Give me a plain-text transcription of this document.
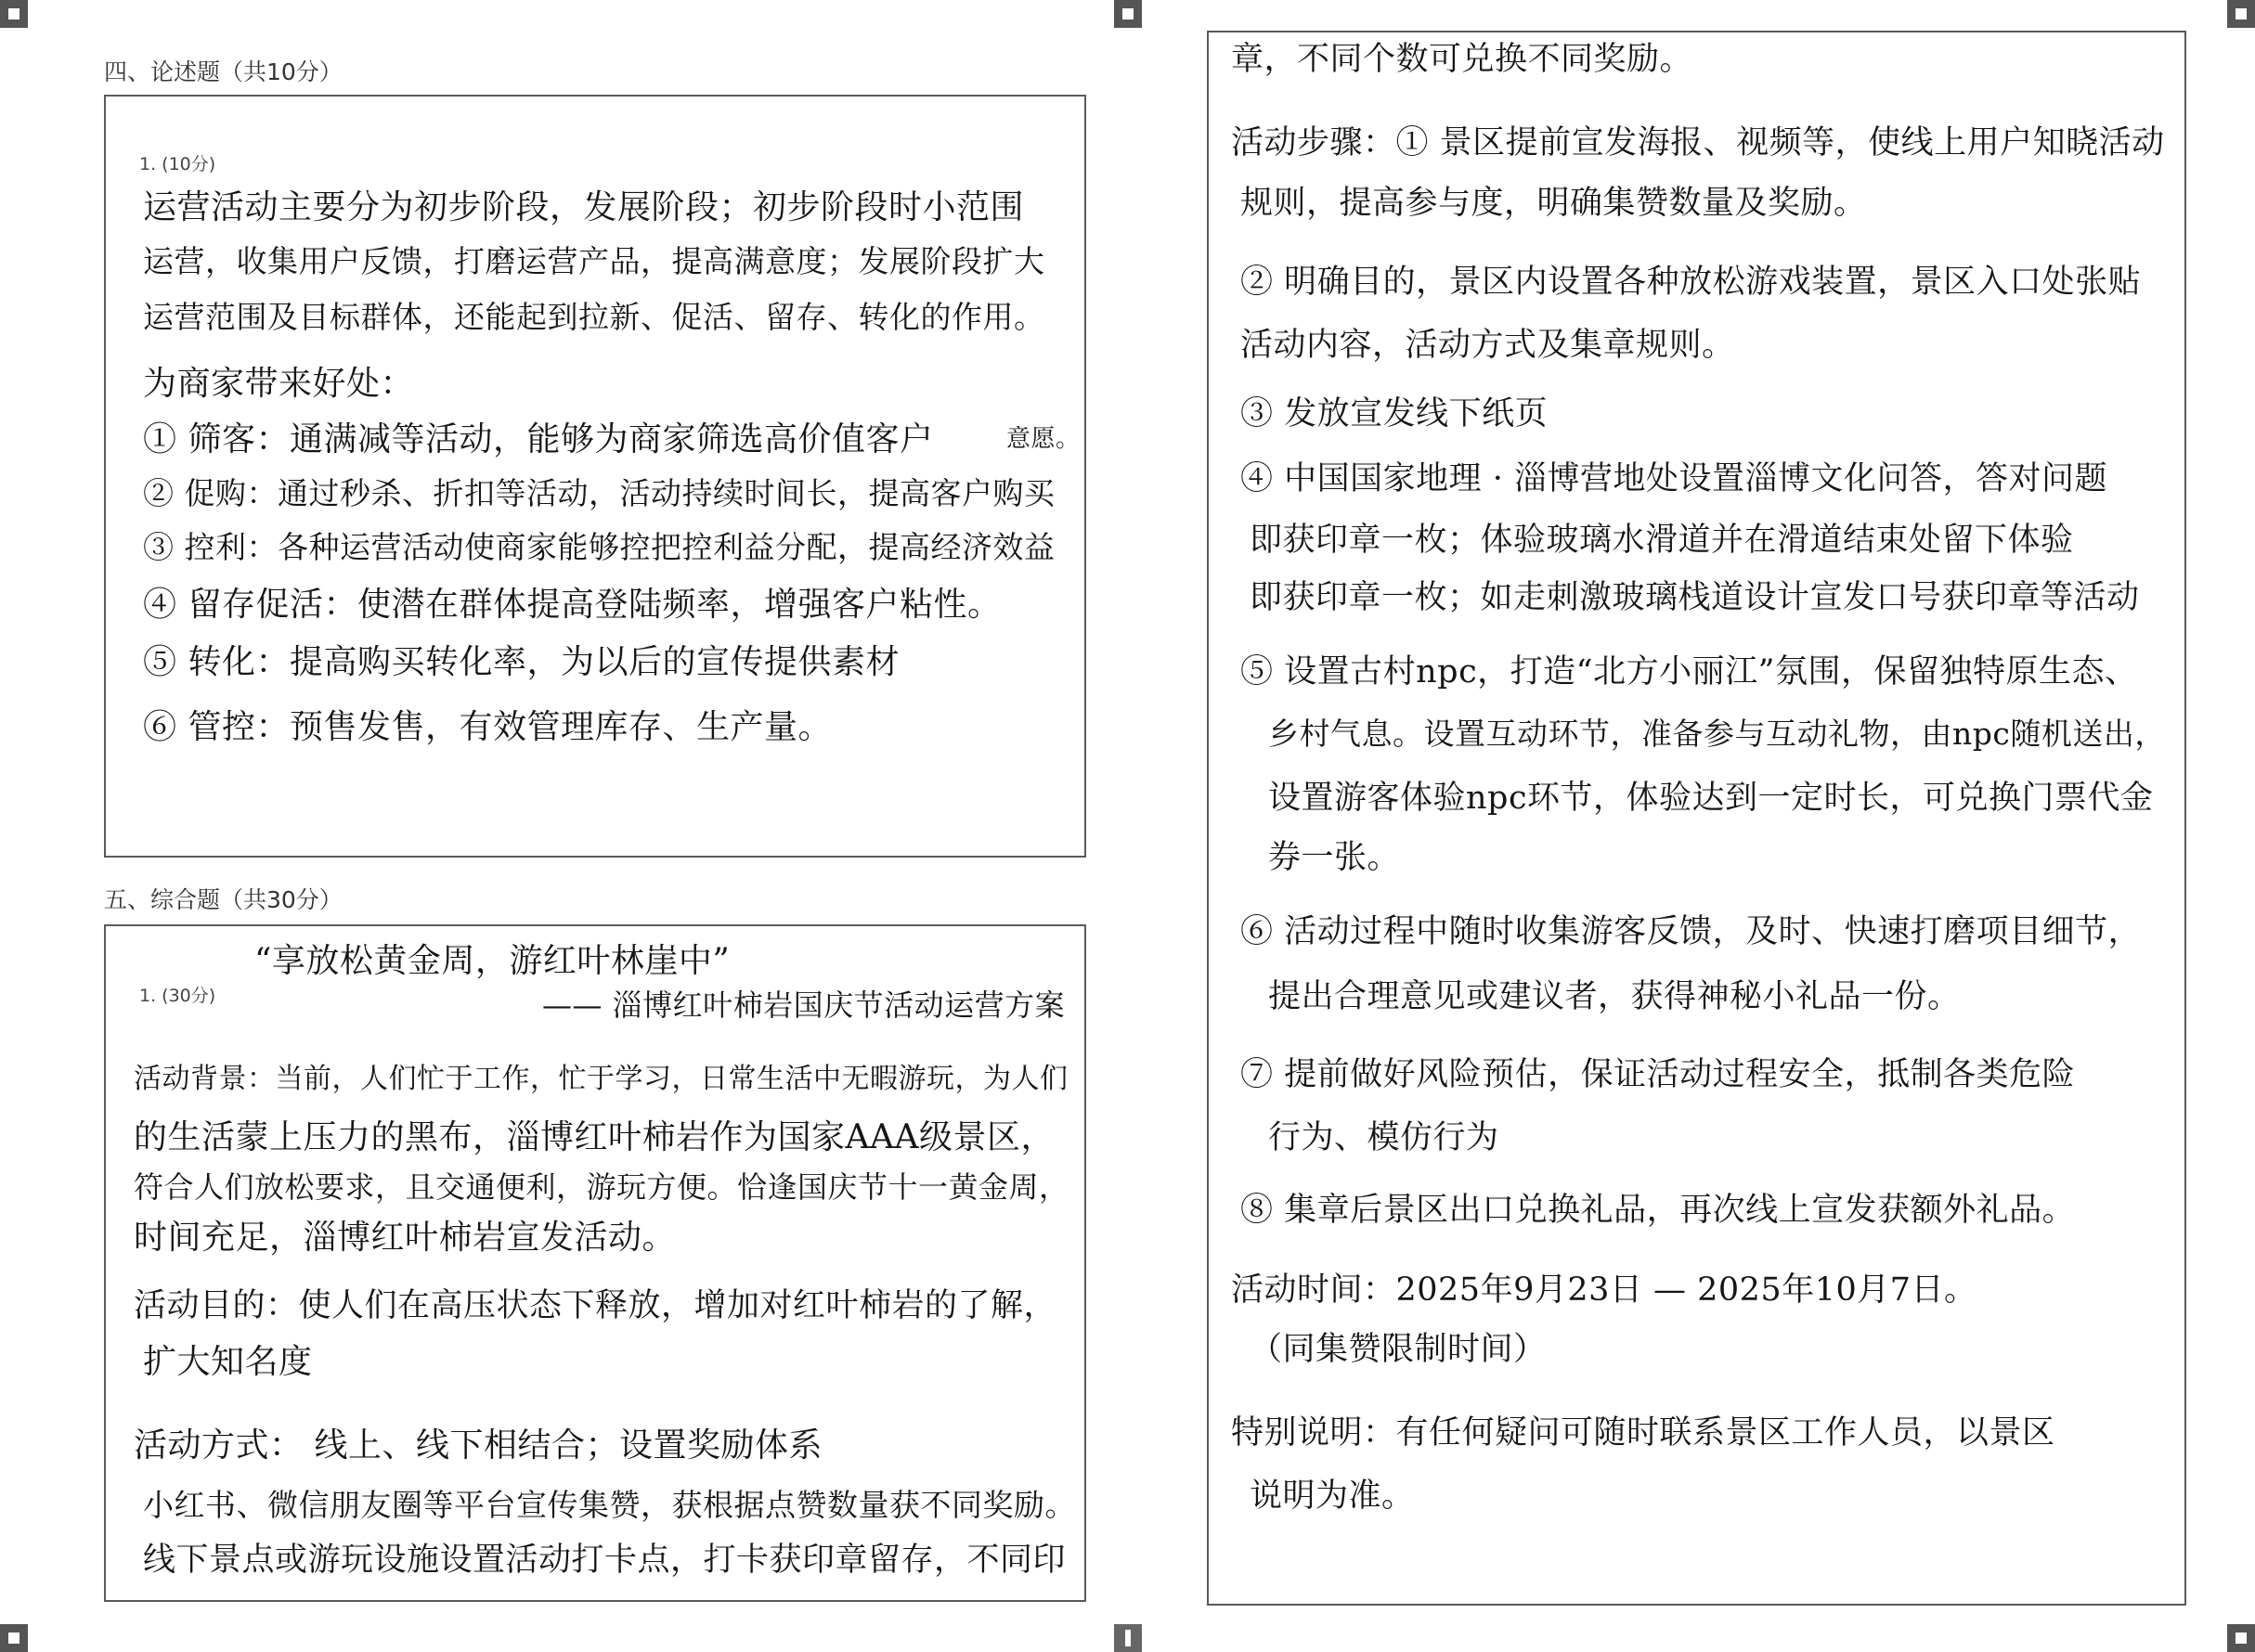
四、论述题（共10分）
1. (10分)
运营活动主要分为初步阶段，发展阶段；初步阶段时小范围
运营，收集用户反馈，打磨运营产品，提高满意度；发展阶段扩大
运营范围及目标群体，还能起到拉新、促活、留存、转化的作用。
为商家带来好处：
① 筛客：通满减等活动，能够为商家筛选高价值客户	意愿。
② 促购：通过秒杀、折扣等活动，活动持续时间长，提高客户购买
③ 控利：各种运营活动使商家能够控把控利益分配，提高经济效益
④ 留存促活：使潜在群体提高登陆频率，增强客户粘性。
⑤ 转化：提高购买转化率，为以后的宣传提供素材
⑥ 管控：预售发售，有效管理库存、生产量。
五、综合题（共30分）
1. (30分)
“享放松黄金周，游红叶林崖中”
—— 淄博红叶柿岩国庆节活动运营方案
活动背景：当前，人们忙于工作，忙于学习，日常生活中无暇游玩，为人们
的生活蒙上压力的黑布，淄博红叶柿岩作为国家AAA级景区，
符合人们放松要求，且交通便利，游玩方便。恰逢国庆节十一黄金周，
时间充足，淄博红叶柿岩宣发活动。
活动目的：使人们在高压状态下释放，增加对红叶柿岩的了解，
扩大知名度
活动方式： 线上、线下相结合；设置奖励体系
小红书、微信朋友圈等平台宣传集赞，获根据点赞数量获不同奖励。
线下景点或游玩设施设置活动打卡点，打卡获印章留存，不同印
章，不同个数可兑换不同奖励。
活动步骤：① 景区提前宣发海报、视频等，使线上用户知晓活动
规则，提高参与度，明确集赞数量及奖励。
② 明确目的，景区内设置各种放松游戏装置，景区入口处张贴
活动内容，活动方式及集章规则。
③ 发放宣发线下纸页
④ 中国国家地理 · 淄博营地处设置淄博文化问答，答对问题
即获印章一枚；体验玻璃水滑道并在滑道结束处留下体验
即获印章一枚；如走刺激玻璃栈道设计宣发口号获印章等活动
⑤ 设置古村npc，打造“北方小丽江”氛围，保留独特原生态、
乡村气息。设置互动环节，准备参与互动礼物，由npc随机送出，
设置游客体验npc环节，体验达到一定时长，可兑换门票代金
券一张。
⑥ 活动过程中随时收集游客反馈，及时、快速打磨项目细节，
提出合理意见或建议者，获得神秘小礼品一份。
⑦ 提前做好风险预估，保证活动过程安全，抵制各类危险
行为、模仿行为
⑧ 集章后景区出口兑换礼品，再次线上宣发获额外礼品。
活动时间：2025年9月23日 — 2025年10月7日。
（同集赞限制时间）
特别说明：有任何疑问可随时联系景区工作人员，以景区
说明为准。
